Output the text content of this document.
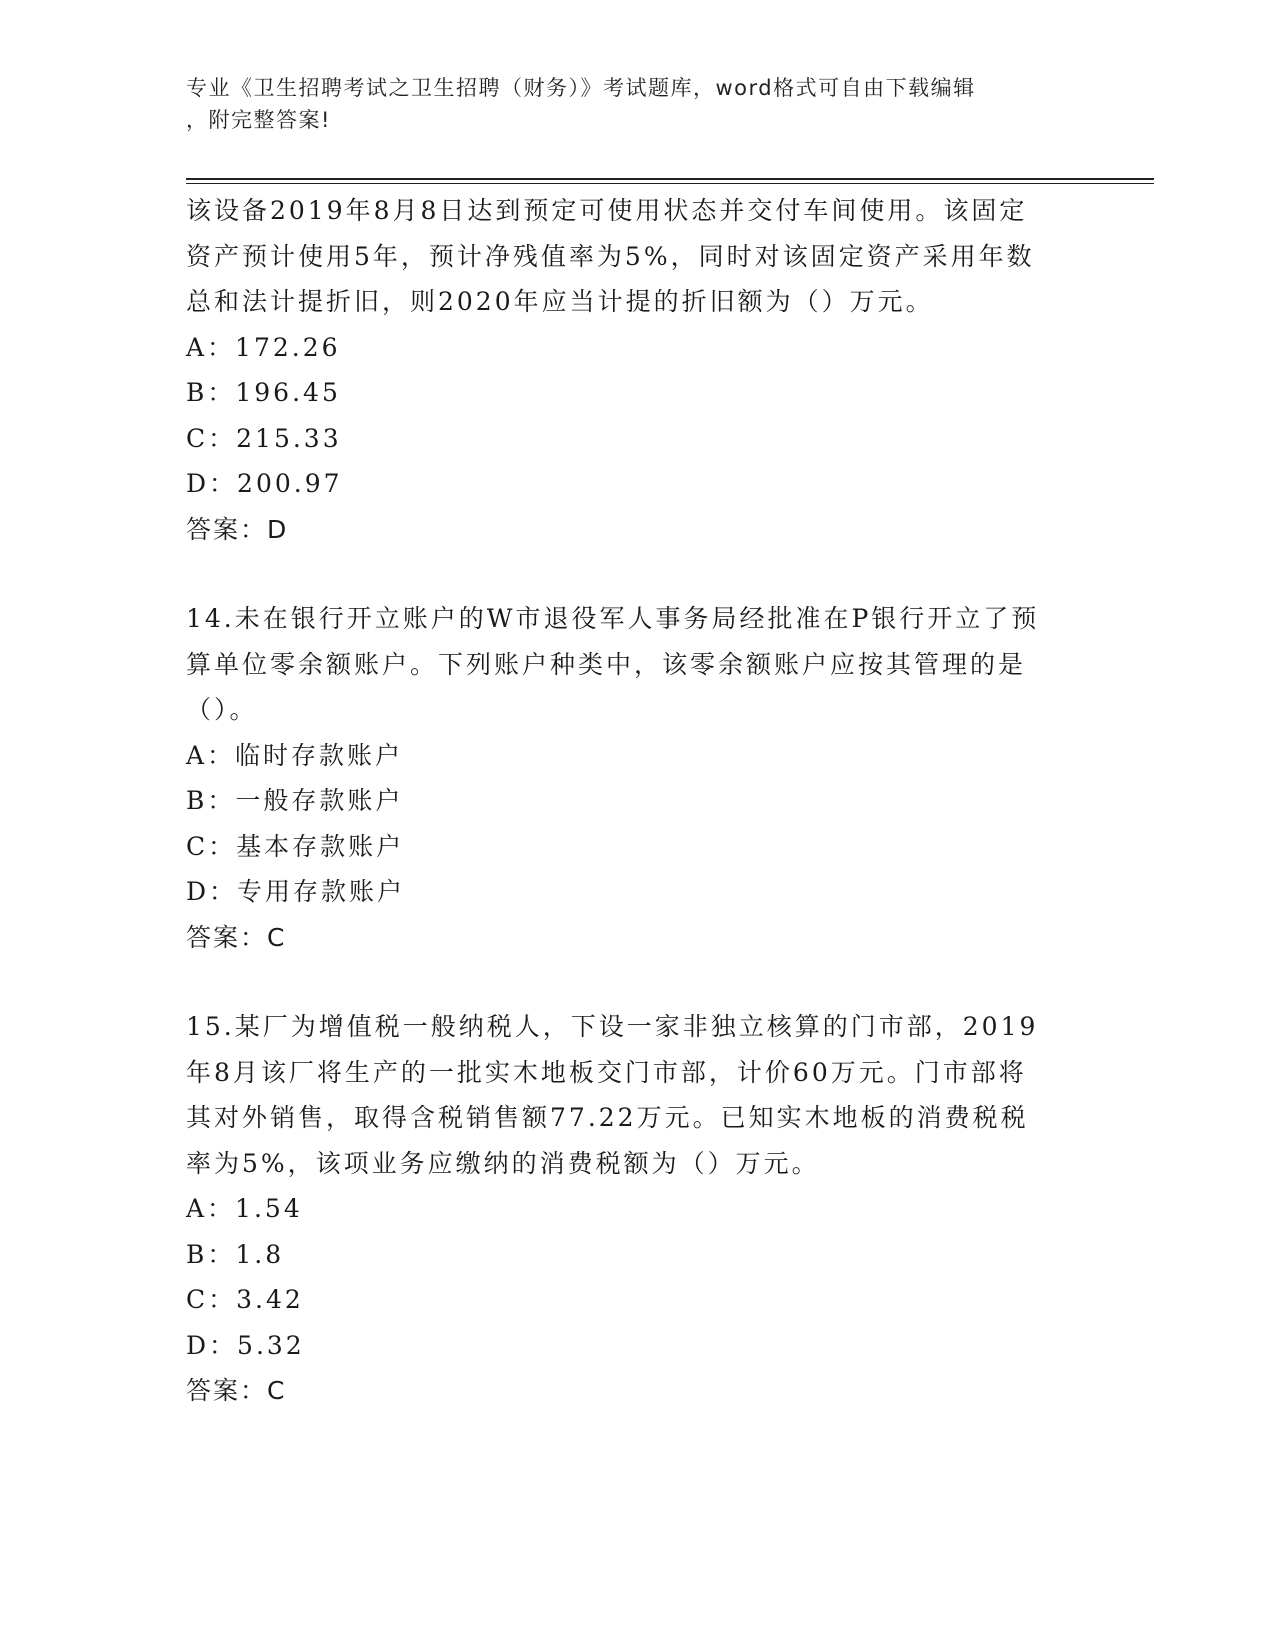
专业《卫生招聘考试之卫生招聘（财务）》考试题库，word格式可自由下载编辑
，附完整答案!

该设备2019年8月8日达到预定可使用状态并交付车间使用。该固定

资产预计使用5年，预计净残值率为5%，同时对该固定资产采用年数

总和法计提折旧，则2020年应当计提的折旧额为（）万元。

A：172.26

B：196.45

C：215.33

D：200.97

答案：D

14.未在银行开立账户的W市退役军人事务局经批准在P银行开立了预

算单位零余额账户。下列账户种类中，该零余额账户应按其管理的是

（）。

A：临时存款账户

B：一般存款账户

C：基本存款账户

D：专用存款账户

答案：C

15.某厂为增值税一般纳税人，下设一家非独立核算的门市部，2019

年8月该厂将生产的一批实木地板交门市部，计价60万元。门市部将

其对外销售，取得含税销售额77.22万元。已知实木地板的消费税税

率为5%，该项业务应缴纳的消费税额为（）万元。

A：1.54

B：1.8

C：3.42

D：5.32

答案：C
